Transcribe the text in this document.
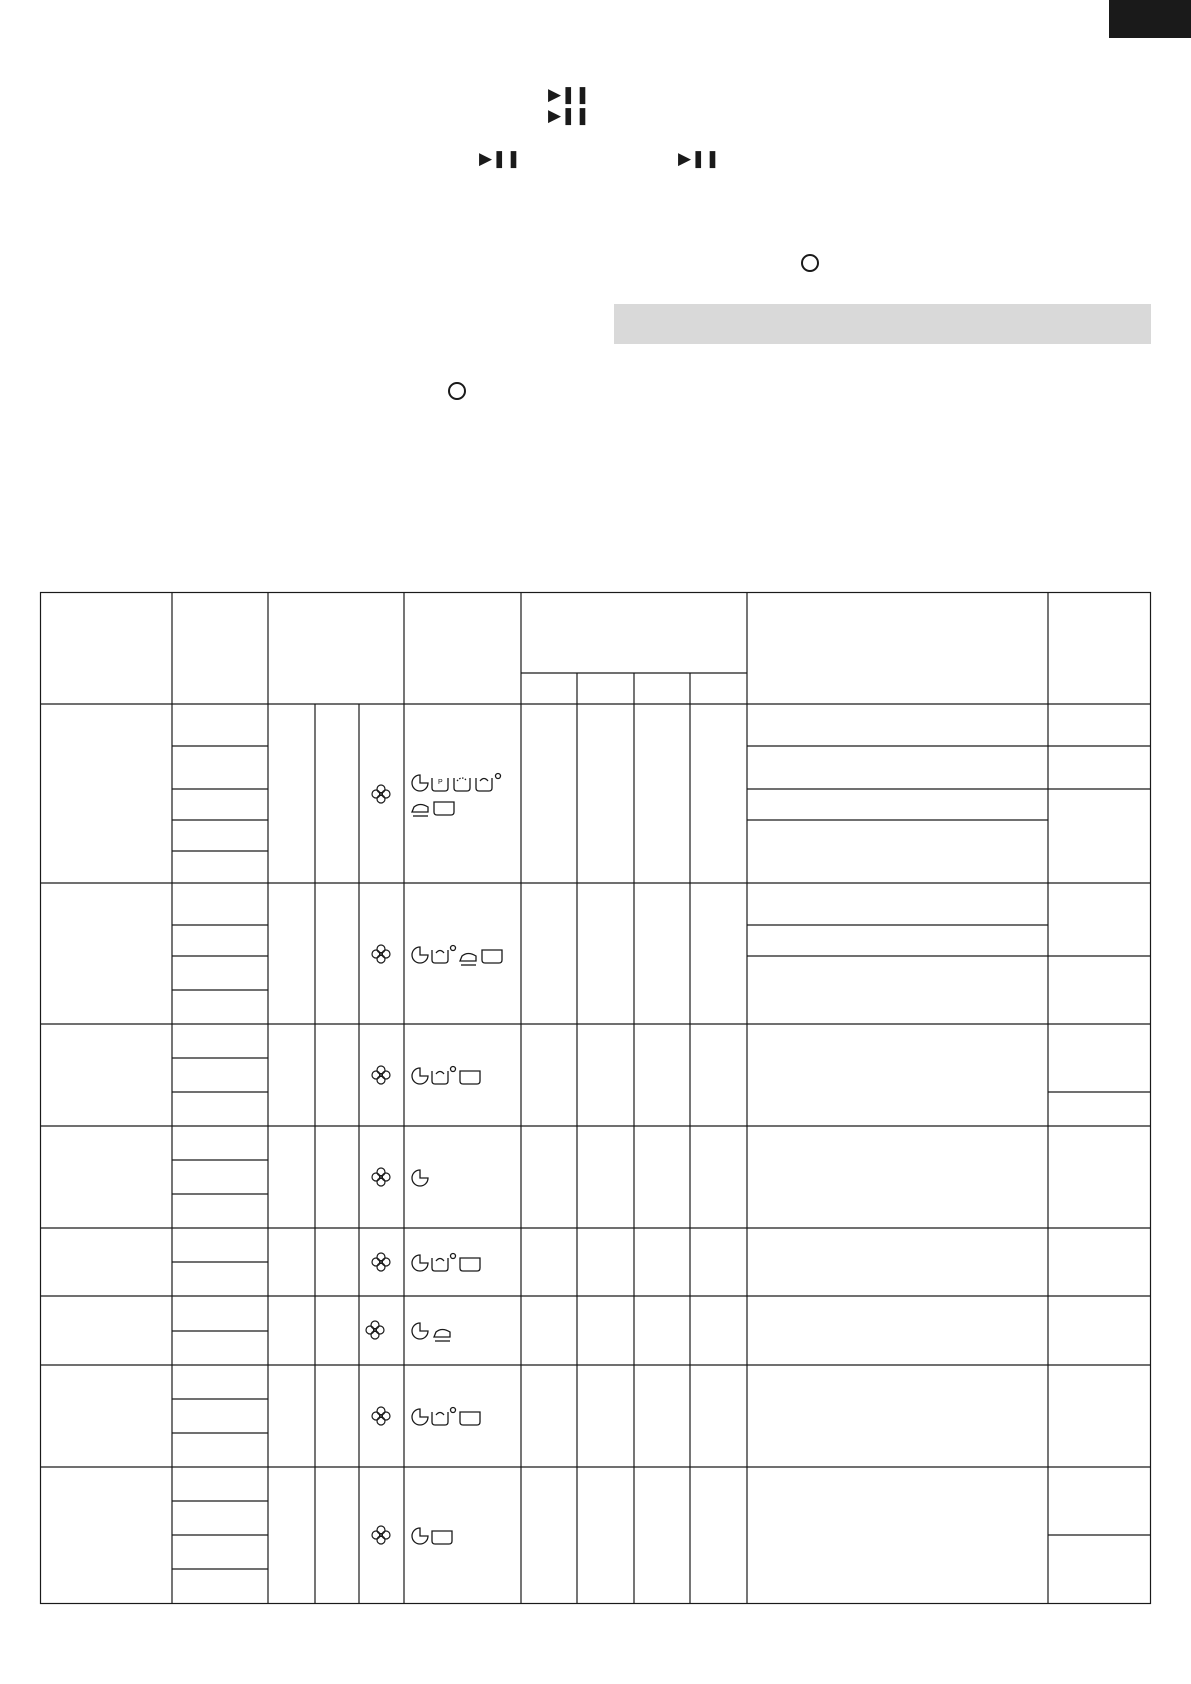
▶❚❚
▶❚❚
▶❚❚	▶❚❚
P
